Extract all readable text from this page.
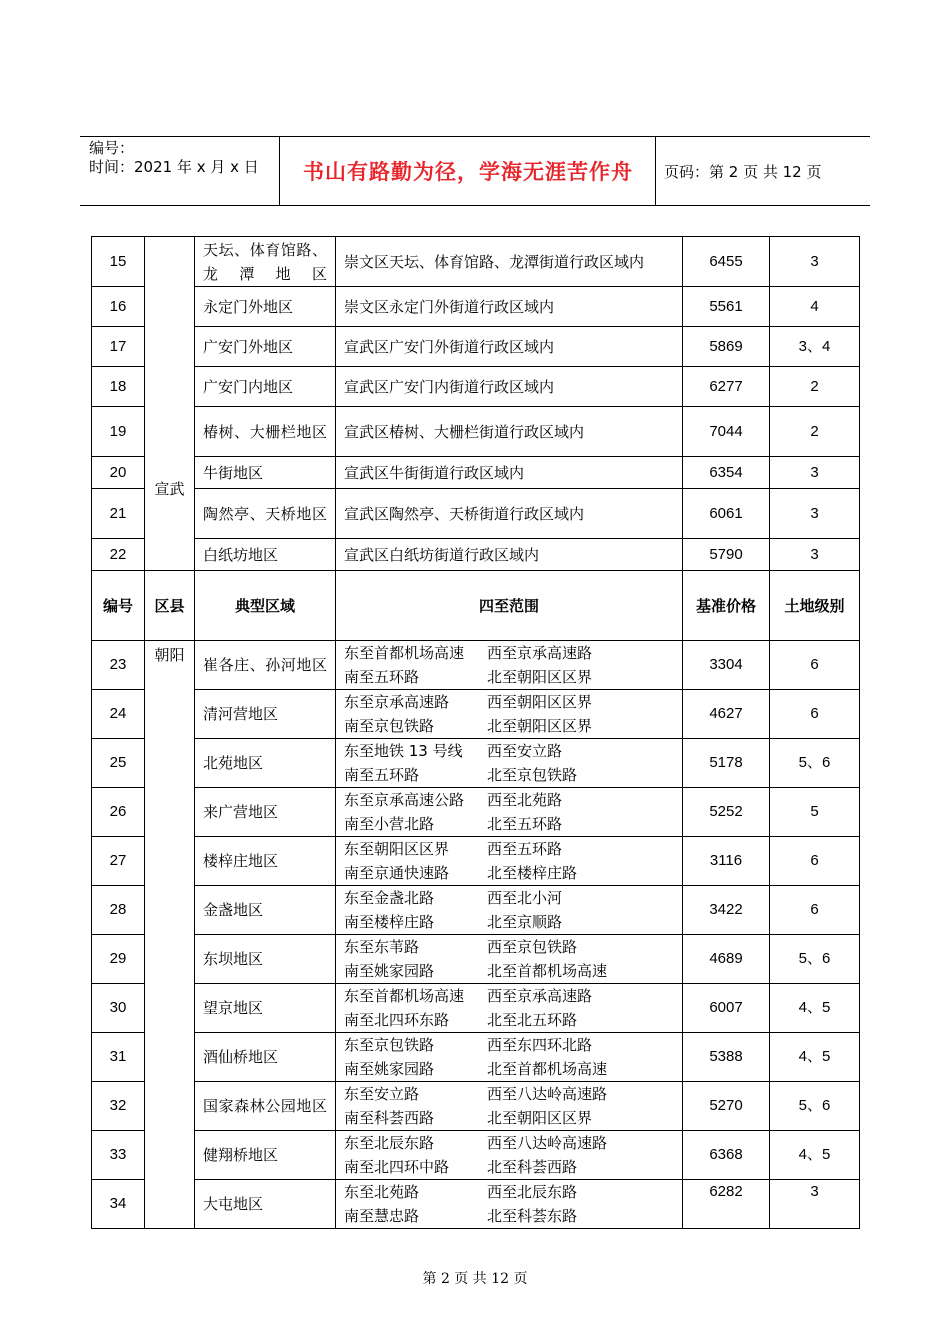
编号：
时间：2021 年 x 月 x 日	书山有路勤为径，学海无涯苦作舟	页码：第 2 页 共 12 页
15	宣武	天坛、体育馆路、龙潭地区	崇文区天坛、体育馆路、龙潭街道行政区域内	6455	3
16		永定门外地区	崇文区永定门外街道行政区域内	5561	4
17		广安门外地区	宣武区广安门外街道行政区域内	5869	3、4
18		广安门内地区	宣武区广安门内街道行政区域内	6277	2
19		椿树、大栅栏地区	宣武区椿树、大栅栏街道行政区域内	7044	2
20		牛街地区	宣武区牛街街道行政区域内	6354	3
21		陶然亭、天桥地区	宣武区陶然亭、天桥街道行政区域内	6061	3
22		白纸坊地区	宣武区白纸坊街道行政区域内	5790	3
编号	区县	典型区域	四至范围	基准价格	土地级别
23	朝阳	崔各庄、孙河地区	东至首都机场高速 西至京承高速路
南至五环路 北至朝阳区区界	3304	6
24		清河营地区	东至京承高速路 西至朝阳区区界
南至京包铁路 北至朝阳区区界	4627	6
25		北苑地区	东至地铁 13 号线 西至安立路
南至五环路 北至京包铁路	5178	5、6
26		来广营地区	东至京承高速公路 西至北苑路
南至小营北路 北至五环路	5252	5
27		楼梓庄地区	东至朝阳区区界 西至五环路
南至京通快速路 北至楼梓庄路	3116	6
28		金盏地区	东至金盏北路 西至北小河
南至楼梓庄路 北至京顺路	3422	6
29		东坝地区	东至东苇路 西至京包铁路
南至姚家园路 北至首都机场高速	4689	5、6
30		望京地区	东至首都机场高速 西至京承高速路
南至北四环东路 北至北五环路	6007	4、5
31		酒仙桥地区	东至京包铁路 西至东四环北路
南至姚家园路 北至首都机场高速	5388	4、5
32		国家森林公园地区	东至安立路 西至八达岭高速路
南至科荟西路 北至朝阳区区界	5270	5、6
33		健翔桥地区	东至北辰东路 西至八达岭高速路
南至北四环中路 北至科荟西路	6368	4、5
34		大屯地区	东至北苑路 西至北辰东路
南至慧忠路 北至科荟东路	6282	3
第 2 页 共 12 页
